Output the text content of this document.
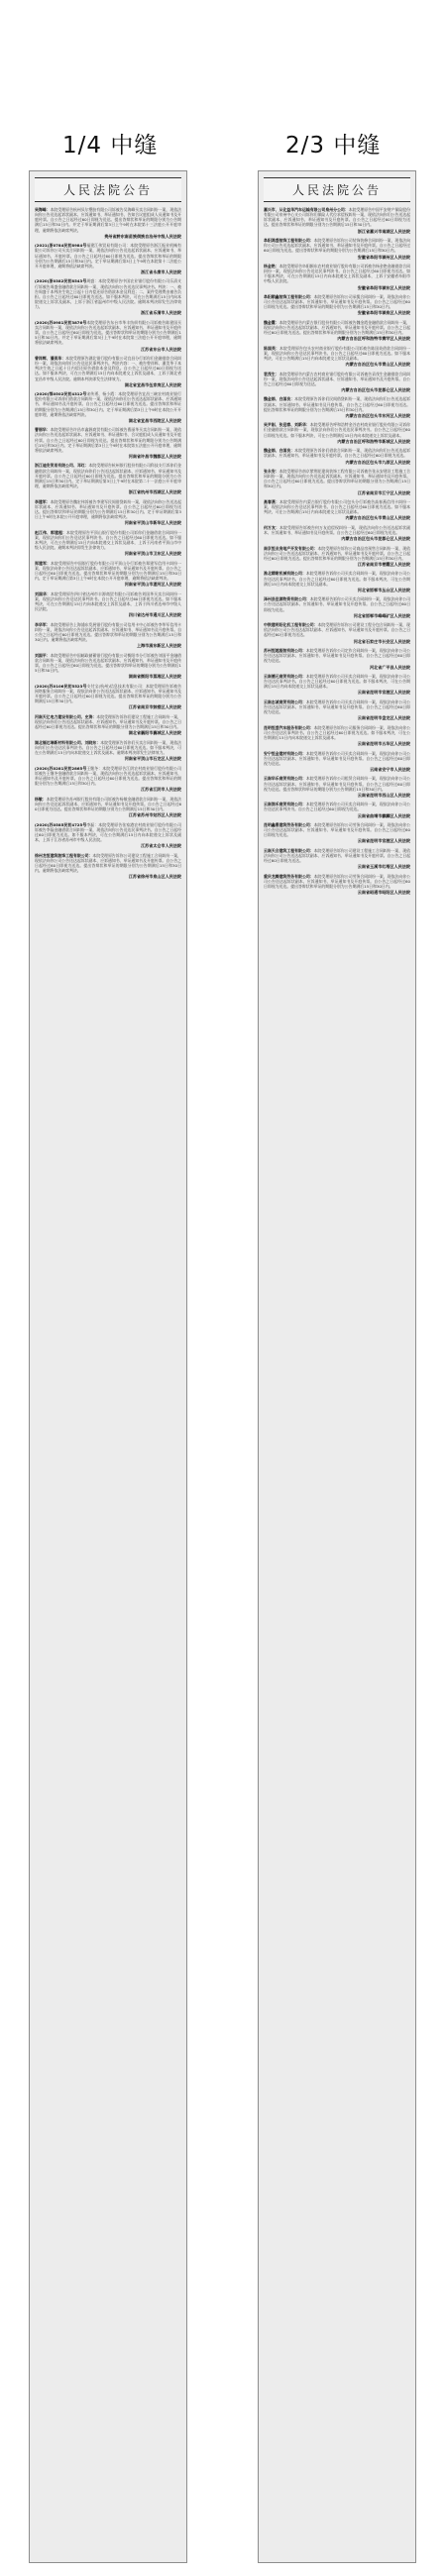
1/4 中缝	2/3 中缝
人民法院公告
吴海峰：本院受理原告杭州贝尔塑胶有限公司诉被告吴海峰买卖合同纠纷一案，现依法向你公告送达起诉状副本、应诉通知书、举证通知书、告知合议庭组成人员通知书及开庭传票。自公告之日起经过60日即视为送达。提出答辩状和举证的期限分别为公告期满后15日和30日内。并定于举证期满后第3日上午9时在本院第十三法庭公开开庭审理，逾期将依法缺席判决。
贵州省黔东南苗族侗族自治州中级人民法院
(2021)浙0784民初8984号福建江伟贸易有限公司：本院受理原告浙江振业机械有限公司诉你公司买卖合同纠纷一案，现依法向你公告送达起诉状副本、应诉通知书、举证通知书、开庭传票。自公告之日起经过60日即视为送达。提出答辩状和举证的期限分别为公告期满后15日和30日内。定于举证期满后第3日上午9时在本院第十二法庭公开开庭审理，逾期将依法缺席判决。
浙江省永康市人民法院
(2020)浙0382民初8543号周盛：本院受理原告中国农业银行股份有限公司乐清支行诉被告周盛金融借款合同纠纷一案，现依法向你公告送达民事判决书。判决：一、被告周盛于本判决生效之日起十日内偿还原告借款本金及利息；二、案件受理费由被告负担。自公告之日起经过60日即视为送达。如不服本判决，可在公告期满后15日内向本院递交上诉状及副本，上诉于浙江省温州市中级人民法院。逾期本判决即发生法律效力。
浙江省乐清市人民法院
(2020)苏0981民初3876号本院受理原告东台市华丰纺织有限公司诉被告陈建国买卖合同纠纷一案，现依法向你公告送达起诉状副本、应诉通知书、举证通知书及开庭传票。自公告之日起经过60日即视为送达。提出答辩状和举证的期限分别为公告期满后15日和30日内。并定于举证期满后第3日上午9时在本院第三法庭公开开庭审理，逾期将依法缺席判决。
江苏省东台市人民法院
曾祥辉、潘美华：本院受理原告湖北银行股份有限公司宜昌分行诉你们金融借款合同纠纷一案，现依法向你们公告送达民事判决书。判决内容：一、被告曾祥辉、潘美华于本判决生效之日起十日内偿还原告借款本金及利息。自公告之日起经过60日即视为送达。如不服本判决，可在公告期满后15日内向本院递交上诉状及副本，上诉于湖北省宜昌市中级人民法院。逾期本判决即发生法律效力。
湖北省宜昌市伍家岗区人民法院
(2020)鄂0502民初4312号宋传勇、杨小霞：本院受理原告宜昌三峡农村商业银行股份有限公司诉你们借款合同纠纷一案，现依法向你们公告送达起诉状副本、应诉通知书、举证通知书及开庭传票。自公告之日起经过60日即视为送达。提出答辩状和举证的期限分别为公告期满后15日和30日内。定于举证期满后第3日上午9时在本院公开开庭审理，逾期将依法缺席判决。
湖北省宜昌市西陵区人民法院
曹丽华：本院受理原告许昌市鑫源商贸有限公司诉被告曹丽华买卖合同纠纷一案，现依法向你公告送达起诉状副本、应诉通知书、举证通知书、合议庭组成人员通知书及开庭传票。自公告之日起经过60日即视为送达。提出答辩状和举证的期限分别为公告期满后15日和30日内。定于举证期满后第3日上午9时在本院第五法庭公开开庭审理，逾期将依法缺席判决。
河南省许昌市魏都区人民法院
浙江迪安贸易有限公司、邓红：本院受理原告杭州银行股份有限公司科技支行诉你们金融借款合同纠纷一案，现依法向你们公告送达起诉状副本、应诉通知书、举证通知书及开庭传票。自公告之日起经过60日即视为送达。提出答辩状和举证的期限分别为公告期满后15日和30日内。定于举证期满后第3日上午9时在本院第二十一法庭公开开庭审理，逾期将依法缺席判决。
浙江省杭州市西湖区人民法院
李建军：本院受理原告魏宏伟诉被告李建军民间借贷纠纷一案，现依法向你公告送达起诉状副本、应诉通知书、举证通知书及开庭传票。自公告之日起经过60日即视为送达。提出答辩状和举证的期限分别为公告期满后15日和30日内。定于举证期满后第3日上午9时在本院公开开庭审理，逾期将依法缺席判决。
河南省平顶山市新华区人民法院
赵江伟、郭建超：本院受理原告平顶山银行股份有限公司诉你们金融借款合同纠纷一案，现依法向你们公告送达民事判决书。自公告之日起经过60日即视为送达。如不服本判决，可在公告期满后15日内向本院递交上诉状及副本，上诉于河南省平顶山市中级人民法院。逾期本判决即发生法律效力。
河南省平顶山市卫东区人民法院
郑建军：本院受理原告中国银行股份有限公司平顶山分行诉被告郑建军信用卡纠纷一案，现依法向你公告送达起诉状副本、应诉通知书、举证通知书及开庭传票。自公告之日起经过60日即视为送达。提出答辩状和举证的期限分别为公告期满后15日和30日内。定于举证期满后第3日上午9时在本院公开开庭审理，逾期将依法缺席判决。
河南省平顶山市湛河区人民法院
刘国华：本院受理原告四川省达州市丰源商贸有限公司诉被告刘国华买卖合同纠纷一案，现依法向你公告送达民事判决书。自公告之日起经过60日即视为送达。如不服本判决，可在公告期满后15日内向本院递交上诉状及副本，上诉于四川省达州市中级人民法院。
四川省达州市通川区人民法院
李华军：本院受理原告上海浦东发展银行股份有限公司信用卡中心诉被告李华军信用卡纠纷一案，现依法向你公告送达起诉状副本、应诉通知书、举证通知书及开庭传票。自公告之日起经过60日即视为送达。提出答辩状和举证的期限分别为公告期满后15日和30日内。逾期将依法缺席判决。
上海市浦东新区人民法院
刘国平：本院受理原告中国邮政储蓄银行股份有限公司衡阳市分行诉被告刘国平金融借款合同纠纷一案，现依法向你公告送达起诉状副本、应诉通知书、举证通知书及开庭传票。自公告之日起经过60日即视为送达。提出答辩状和举证的期限分别为公告期满后15日和30日内。
湖南省衡阳市蒸湘区人民法院
(2020)苏0106民初5523号支付宝(杭州)信息技术有限公司：本院受理原告诉被告网络服务合同纠纷一案，现依法向你公告送达起诉状副本、应诉通知书、举证通知书及开庭传票。自公告之日起经过60日即视为送达。提出答辩状和举证的期限分别为公告期满后15日和30日内。
江苏省南京市鼓楼区人民法院
河南天亿电力建设有限公司、史涛：本院受理原告诉你们建设工程施工合同纠纷一案，现依法向你们公告送达起诉状副本、应诉通知书、举证通知书及开庭传票。自公告之日起经过60日即视为送达。提出答辩状和举证的期限分别为公告期满后15日和30日内。
湖北省襄阳市襄城区人民法院
湖北福达瑞新材料有限公司、刘晓东：本院受理原告诉你们买卖合同纠纷一案，现依法向你们公告送达民事判决书。自公告之日起经过60日即视为送达。如不服本判决，可在公告期满后15日内向本院递交上诉状及副本。逾期本判决即发生法律效力。
河南省平顶山市石龙区人民法院
(2020)苏0281民初2865号王继冬：本院受理原告江阴农村商业银行股份有限公司诉被告王继冬金融借款合同纠纷一案，现依法向你公告送达起诉状副本、应诉通知书、举证通知书及开庭传票。自公告之日起经过60日即视为送达。提出答辩状和举证的期限分别为公告期满后15日和30日内。
江苏省江阴市人民法院
杨敏：本院受理原告苏州银行股份有限公司诉被告杨敏金融借款合同纠纷一案，现依法向你公告送达起诉状副本、应诉通知书、举证通知书及开庭传票。自公告之日起经过60日即视为送达。提出答辩状和举证的期限分别为公告期满后15日和30日内。
江苏省苏州市姑苏区人民法院
(2020)苏0585民初4725号李磊：本院受理原告张家港农村商业银行股份有限公司诉被告李磊金融借款合同纠纷一案，现依法向你公告送达民事判决书。自公告之日起经过60日即视为送达。如不服本判决，可在公告期满后15日内向本院递交上诉状及副本，上诉于江苏省苏州市中级人民法院。
江苏省太仓市人民法院
徐州龙恒建筑装饰工程有限公司：本院受理原告诉你公司建设工程施工合同纠纷一案，现依法向你公司公告送达起诉状副本、应诉通知书、举证通知书及开庭传票。自公告之日起经过60日即视为送达。提出答辩状和举证的期限分别为公告期满后15日和30日内。逾期将依法缺席判决。
江苏省徐州市泉山区人民法院
人民法院公告
嘉兴市、从化益华汽车运输有限公司泉州分公司：本院受理原告中国平安财产保险股份有限公司泉州中心支公司诉你们保险人代位求偿权纠纷一案，现依法向你们公告送达起诉状副本、应诉通知书、举证通知书及开庭传票。自公告之日起经过60日即视为送达。提出答辩状和举证的期限分别为公告期满后15日和30日内。
浙江省嘉兴市南湖区人民法院
阜阳鸿盛装饰工程有限公司：本院受理原告诉你公司装饰装修合同纠纷一案，现依法向你公司公告送达起诉状副本、应诉通知书、举证通知书及开庭传票。自公告之日起经过60日即视为送达。提出答辩状和举证的期限分别为公告期满后15日和30日内。
安徽省阜阳市颍州区人民法院
杨金艳：本院受理原告阜阳颍东农村商业银行股份有限公司诉被告杨金艳金融借款合同纠纷一案，现依法向你公告送达民事判决书。自公告之日起经过60日即视为送达。如不服本判决，可在公告期满后15日内向本院递交上诉状及副本，上诉于安徽省阜阳市中级人民法院。
安徽省阜阳市颍东区人民法院
阜阳顺鑫装饰工程有限公司：本院受理原告诉你公司承揽合同纠纷一案，现依法向你公司公告送达起诉状副本、应诉通知书、举证通知书及开庭传票。自公告之日起经过60日即视为送达。提出答辩状和举证的期限分别为公告期满后15日和30日内。
安徽省阜阳市颍泉区人民法院
魏金霞：本院受理原告内蒙古银行股份有限公司诉被告魏金霞金融借款合同纠纷一案，现依法向你公告送达起诉状副本、应诉通知书、举证通知书及开庭传票。自公告之日起经过60日即视为送达。提出答辩状和举证的期限分别为公告期满后15日和30日内。
内蒙古自治区呼和浩特市赛罕区人民法院
陈国英：本院受理原告包头农村商业银行股份有限公司诉被告陈国英借款合同纠纷一案，现依法向你公告送达民事判决书。自公告之日起经过60日即视为送达。如不服本判决，可在公告期满后15日内向本院递交上诉状及副本。
内蒙古自治区包头市青山区人民法院
袁茂生：本院受理原告内蒙古农村商业银行股份有限公司诉被告袁茂生金融借款合同纠纷一案，现依法向你公告送达起诉状副本、应诉通知书、举证通知书及开庭传票。自公告之日起经过60日即视为送达。
内蒙古自治区包头市昆都仑区人民法院
魏金娟、白国良：本院受理原告诉你们民间借贷纠纷一案，现依法向你们公告送达起诉状副本、应诉通知书、举证通知书及开庭传票。自公告之日起经过60日即视为送达。提出答辩状和举证的期限分别为公告期满后15日和30日内。
内蒙古自治区包头市东河区人民法院
吴尹刚、张迎春、刘新华：本院受理原告呼和浩特金谷农村商业银行股份有限公司诉你们金融借款合同纠纷一案，现依法向你们公告送达民事判决书。自公告之日起经过60日即视为送达。如不服本判决，可在公告期满后15日内向本院递交上诉状及副本。
内蒙古自治区呼和浩特市新城区人民法院
魏金娟、白国良：本院受理原告诉你们借款合同纠纷一案，现依法向你们公告送达起诉状副本、应诉通知书、举证通知书及开庭传票。自公告之日起经过60日即视为送达。
内蒙古自治区包头市九原区人民法院
张永安：本院受理原告南京紫荆花建筑装饰工程有限公司诉被告张永安建设工程施工合同纠纷一案，现依法向你公告送达起诉状副本、应诉通知书、举证通知书及开庭传票。自公告之日起经过60日即视为送达。提出答辩状和举证的期限分别为公告期满后15日和30日内。
江苏省南京市江宁区人民法院
高春燕：本院受理原告内蒙古银行股份有限公司包头分行诉被告高春燕信用卡纠纷一案，现依法向你公告送达民事判决书。自公告之日起经过60日即视为送达。如不服本判决，可在公告期满后15日内向本院递交上诉状及副本。
内蒙古自治区包头市青山区人民法院
何万友：本院受理原告诉被告何万友追偿权纠纷一案，现依法向你公告送达起诉状副本、应诉通知书、举证通知书及开庭传票。自公告之日起经过60日即视为送达。
内蒙古自治区包头市昆都仑区人民法院
南京恒业房地产开发有限公司：本院受理原告诉你公司商品房预售合同纠纷一案，现依法向你公司公告送达起诉状副本、应诉通知书、举证通知书及开庭传票。自公告之日起经过60日即视为送达。提出答辩状和举证的期限分别为公告期满后15日和30日内。
江苏省南京市栖霞区人民法院
淮北精耐机械有限公司：本院受理原告诉你公司买卖合同纠纷一案，现依法向你公司公告送达民事判决书。自公告之日起经过60日即视为送达。如不服本判决，可在公告期满后15日内向本院递交上诉状及副本。
河北省邯郸市丛台区人民法院
泽州县佳源物资有限公司：本院受理原告诉你公司买卖合同纠纷一案，现依法向你公司公告送达起诉状副本、应诉通知书、举证通知书及开庭传票。自公告之日起经过60日即视为送达。
河北省邯郸市峰峰矿区人民法院
中铁建明阳化机工程有限公司：本院受理原告诉你公司建设工程分包合同纠纷一案，现依法向你公司公告送达起诉状副本、应诉通知书、举证通知书及开庭传票。自公告之日起经过60日即视为送达。
河北省石家庄市长安区人民法院
苏州恒越服装有限公司：本院受理原告诉你公司定作合同纠纷一案，现依法向你公司公告送达起诉状副本、应诉通知书、举证通知书及开庭传票。自公告之日起经过60日即视为送达。
河北省广平县人民法院
云南德元商贸有限公司：本院受理原告诉你公司买卖合同纠纷一案，现依法向你公司公告送达民事判决书。自公告之日起经过60日即视为送达。如不服本判决，可在公告期满后15日内向本院递交上诉状及副本。
云南省昆明市官渡区人民法院
云南志诚商贸有限公司：本院受理原告诉你公司买卖合同纠纷一案，现依法向你公司公告送达起诉状副本、应诉通知书、举证通知书及开庭传票。自公告之日起经过60日即视为送达。
云南省昆明市盘龙区人民法院
昆明恒盛汽车服务有限公司：本院受理原告诉你公司服务合同纠纷一案，现依法向你公司公告送达民事判决书。自公告之日起经过60日即视为送达。如不服本判决，可在公告期满后15日内向本院递交上诉状及副本。
云南省昆明市五华区人民法院
安宁恒金建材有限公司：本院受理原告诉你公司买卖合同纠纷一案，现依法向你公司公告送达起诉状副本、应诉通知书、举证通知书及开庭传票。自公告之日起经过60日即视为送达。
云南省安宁市人民法院
云南华乐商贸有限公司：本院受理原告诉你公司租赁合同纠纷一案，现依法向你公司公告送达起诉状副本、应诉通知书、举证通知书及开庭传票。自公告之日起经过60日即视为送达。提出答辩状和举证的期限分别为公告期满后15日和30日内。
云南省昆明市西山区人民法院
云南润禾商贸有限公司：本院受理原告诉你公司买卖合同纠纷一案，现依法向你公司公告送达民事判决书。自公告之日起经过60日即视为送达。
云南省曲靖市麒麟区人民法院
昆明鑫鼎建筑劳务有限公司：本院受理原告诉你公司劳务合同纠纷一案，现依法向你公司公告送达起诉状副本、应诉通知书、举证通知书及开庭传票。自公告之日起经过60日即视为送达。
云南省昆明市官渡区人民法院
云南天合建筑工程有限公司：本院受理原告诉你公司建设工程施工合同纠纷一案，现依法向你公司公告送达起诉状副本、应诉通知书、举证通知书及开庭传票。自公告之日起经过60日即视为送达。
云南省玉溪市红塔区人民法院
重庆龙腾建筑劳务有限公司：本院受理原告诉你公司劳务合同纠纷一案，现依法向你公司公告送达起诉状副本、应诉通知书、举证通知书及开庭传票。自公告之日起经过60日即视为送达。提出答辩状和举证的期限分别为公告期满后15日和30日内。
云南省昭通市昭阳区人民法院
